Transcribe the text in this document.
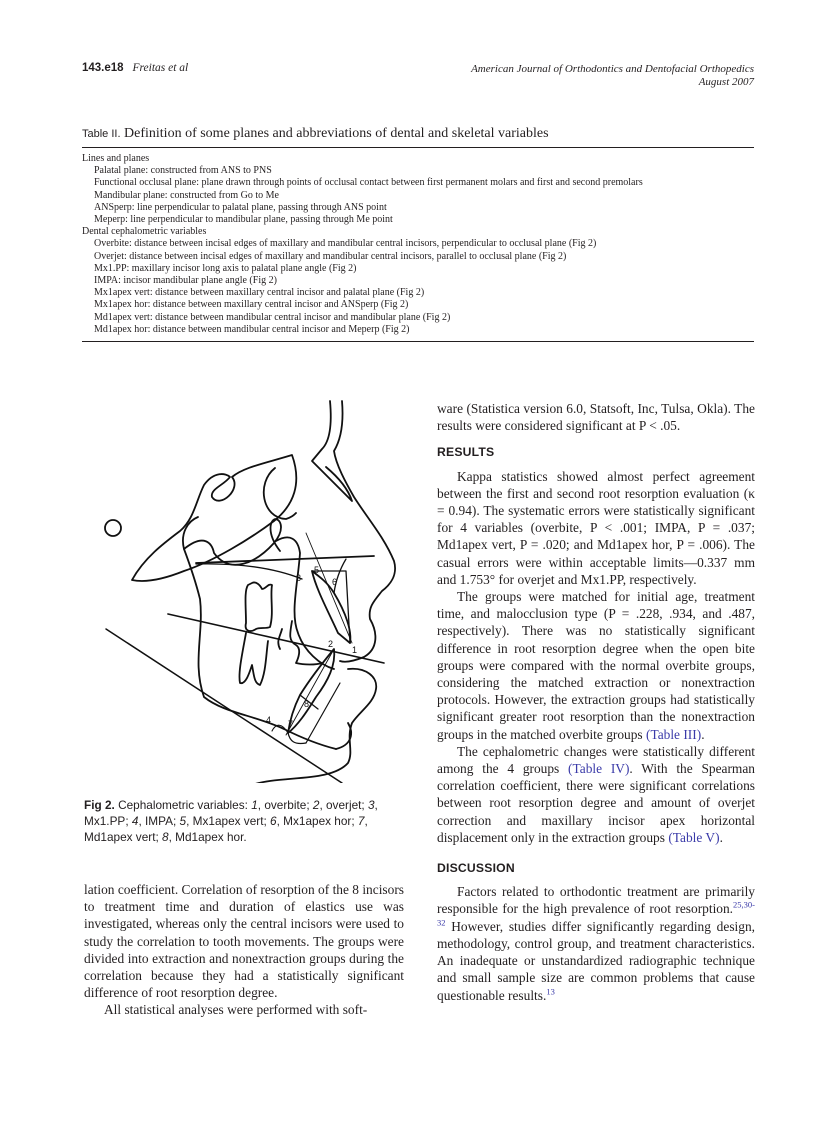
143.e18 Freitas et al	American Journal of Orthodontics and Dentofacial Orthopedics
August 2007
Table II. Definition of some planes and abbreviations of dental and skeletal variables
Lines and planes
Palatal plane: constructed from ANS to PNS
Functional occlusal plane: plane drawn through points of occlusal contact between first permanent molars and first and second premolars
Mandibular plane: constructed from Go to Me
ANSperp: line perpendicular to palatal plane, passing through ANS point
Meperp: line perpendicular to mandibular plane, passing through Me point
Dental cephalometric variables
Overbite: distance between incisal edges of maxillary and mandibular central incisors, perpendicular to occlusal plane (Fig 2)
Overjet: distance between incisal edges of maxillary and mandibular central incisors, parallel to occlusal plane (Fig 2)
Mx1.PP: maxillary incisor long axis to palatal plane angle (Fig 2)
IMPA: incisor mandibular plane angle (Fig 2)
Mx1apex vert: distance between maxillary central incisor and palatal plane (Fig 2)
Mx1apex hor: distance between maxillary central incisor and ANSperp (Fig 2)
Md1apex vert: distance between mandibular central incisor and mandibular plane (Fig 2)
Md1apex hor: distance between mandibular central incisor and Meperp (Fig 2)
1
2
3
4
5
6
7
8
Fig 2. Cephalometric variables: 1, overbite; 2, overjet; 3, Mx1.PP; 4, IMPA; 5, Mx1apex vert; 6, Mx1apex hor; 7, Md1apex vert; 8, Md1apex hor.

lation coefficient. Correlation of resorption of the 8 incisors to treatment time and duration of elastics use was investigated, whereas only the central incisors were used to study the correlation to tooth movements. The groups were divided into extraction and nonextraction groups during the correlation because they had a statistically significant difference of root resorption degree.

All statistical analyses were performed with soft-

ware (Statistica version 6.0, Statsoft, Inc, Tulsa, Okla). The results were considered significant at P < .05.

RESULTS

Kappa statistics showed almost perfect agreement between the first and second root resorption evaluation (κ = 0.94). The systematic errors were statistically significant for 4 variables (overbite, P < .001; IMPA, P = .037; Md1apex vert, P = .020; and Md1apex hor, P = .006). The casual errors were within acceptable limits—0.337 mm and 1.753° for overjet and Mx1.PP, respectively.

The groups were matched for initial age, treatment time, and malocclusion type (P = .228, .934, and .487, respectively). There was no statistically significant difference in root resorption degree when the open bite groups were compared with the normal overbite groups, considering the matched extraction or nonextraction protocols. However, the extraction groups had statistically significant greater root resorption than the nonextraction groups in the matched overbite groups (Table III).

The cephalometric changes were statistically different among the 4 groups (Table IV). With the Spearman correlation coefficient, there were significant correlations between root resorption degree and amount of overjet correction and maxillary incisor apex horizontal displacement only in the extraction groups (Table V).

DISCUSSION

Factors related to orthodontic treatment are primarily responsible for the high prevalence of root resorption.$^{25,30-32}$ However, studies differ significantly regarding design, methodology, control group, and treatment characteristics. An inadequate or unstandardized radiographic technique and small sample size are common problems that cause questionable results.$^{13}$
